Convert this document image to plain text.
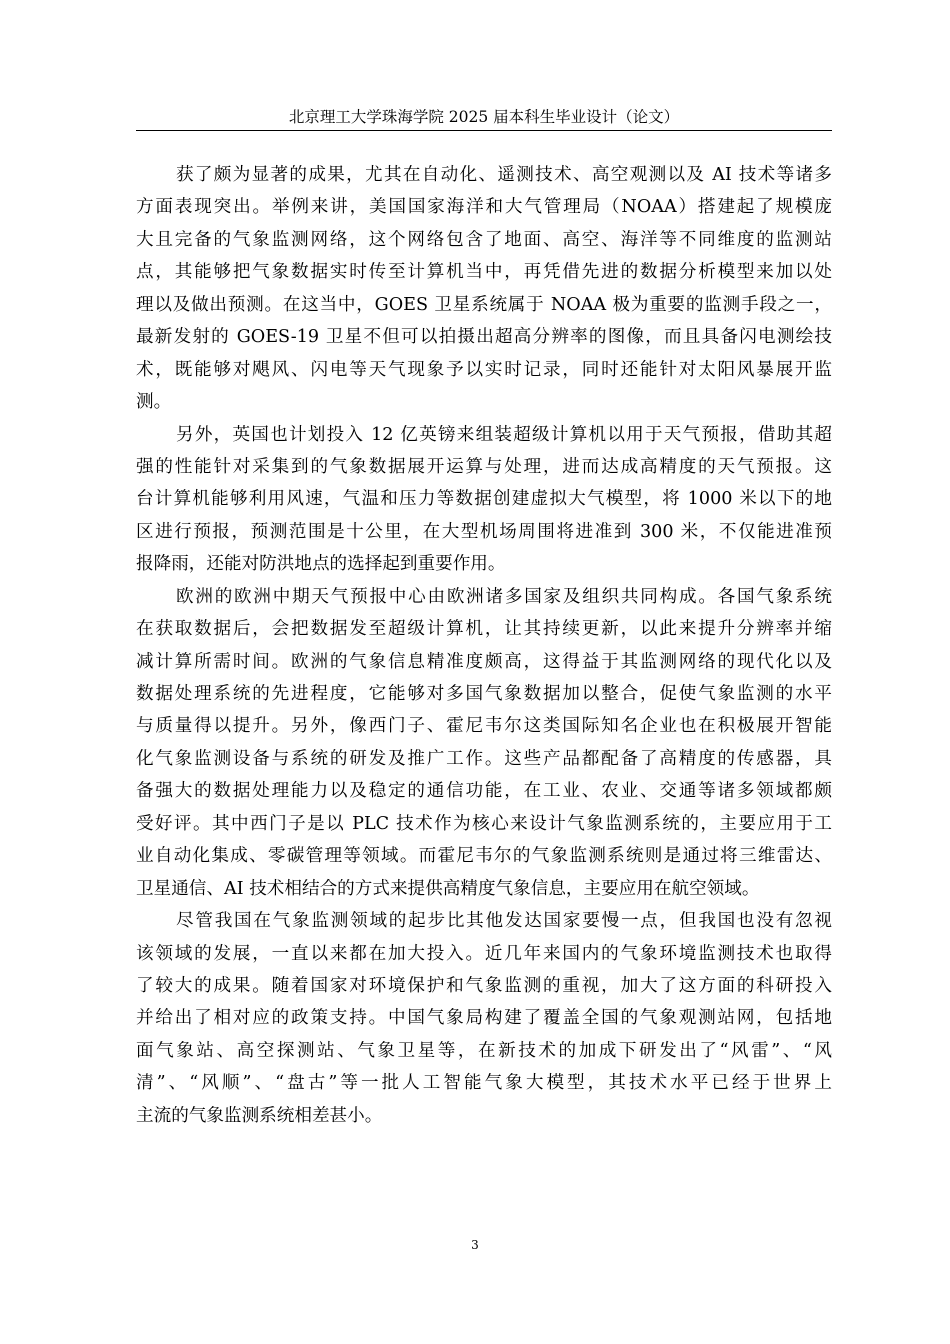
北京理工大学珠海学院 2025 届本科生毕业设计（论文）
获了颇为显著的成果，尤其在自动化、遥测技术、高空观测以及 AI 技术等诸多
方面表现突出。举例来讲，美国国家海洋和大气管理局（NOAA）搭建起了规模庞
大且完备的气象监测网络，这个网络包含了地面、高空、海洋等不同维度的监测站
点，其能够把气象数据实时传至计算机当中，再凭借先进的数据分析模型来加以处
理以及做出预测。在这当中，GOES 卫星系统属于 NOAA 极为重要的监测手段之一，
最新发射的 GOES-19 卫星不但可以拍摄出超高分辨率的图像，而且具备闪电测绘技
术，既能够对飓风、闪电等天气现象予以实时记录，同时还能针对太阳风暴展开监
测。
另外，英国也计划投入 12 亿英镑来组装超级计算机以用于天气预报，借助其超
强的性能针对采集到的气象数据展开运算与处理，进而达成高精度的天气预报。这
台计算机能够利用风速，气温和压力等数据创建虚拟大气模型，将 1000 米以下的地
区进行预报，预测范围是十公里，在大型机场周围将进准到 300 米，不仅能进准预
报降雨，还能对防洪地点的选择起到重要作用。
欧洲的欧洲中期天气预报中心由欧洲诸多国家及组织共同构成。各国气象系统
在获取数据后，会把数据发至超级计算机，让其持续更新，以此来提升分辨率并缩
减计算所需时间。欧洲的气象信息精准度颇高，这得益于其监测网络的现代化以及
数据处理系统的先进程度，它能够对多国气象数据加以整合，促使气象监测的水平
与质量得以提升。另外，像西门子、霍尼韦尔这类国际知名企业也在积极展开智能
化气象监测设备与系统的研发及推广工作。这些产品都配备了高精度的传感器，具
备强大的数据处理能力以及稳定的通信功能，在工业、农业、交通等诸多领域都颇
受好评。其中西门子是以 PLC 技术作为核心来设计气象监测系统的，主要应用于工
业自动化集成、零碳管理等领域。而霍尼韦尔的气象监测系统则是通过将三维雷达、
卫星通信、AI 技术相结合的方式来提供高精度气象信息，主要应用在航空领域。
尽管我国在气象监测领域的起步比其他发达国家要慢一点，但我国也没有忽视
该领域的发展，一直以来都在加大投入。近几年来国内的气象环境监测技术也取得
了较大的成果。随着国家对环境保护和气象监测的重视，加大了这方面的科研投入
并给出了相对应的政策支持。中国气象局构建了覆盖全国的气象观测站网，包括地
面气象站、高空探测站、气象卫星等，在新技术的加成下研发出了“风雷”、“风
清”、“风顺”、“盘古”等一批人工智能气象大模型，其技术水平已经于世界上
主流的气象监测系统相差甚小。
3
